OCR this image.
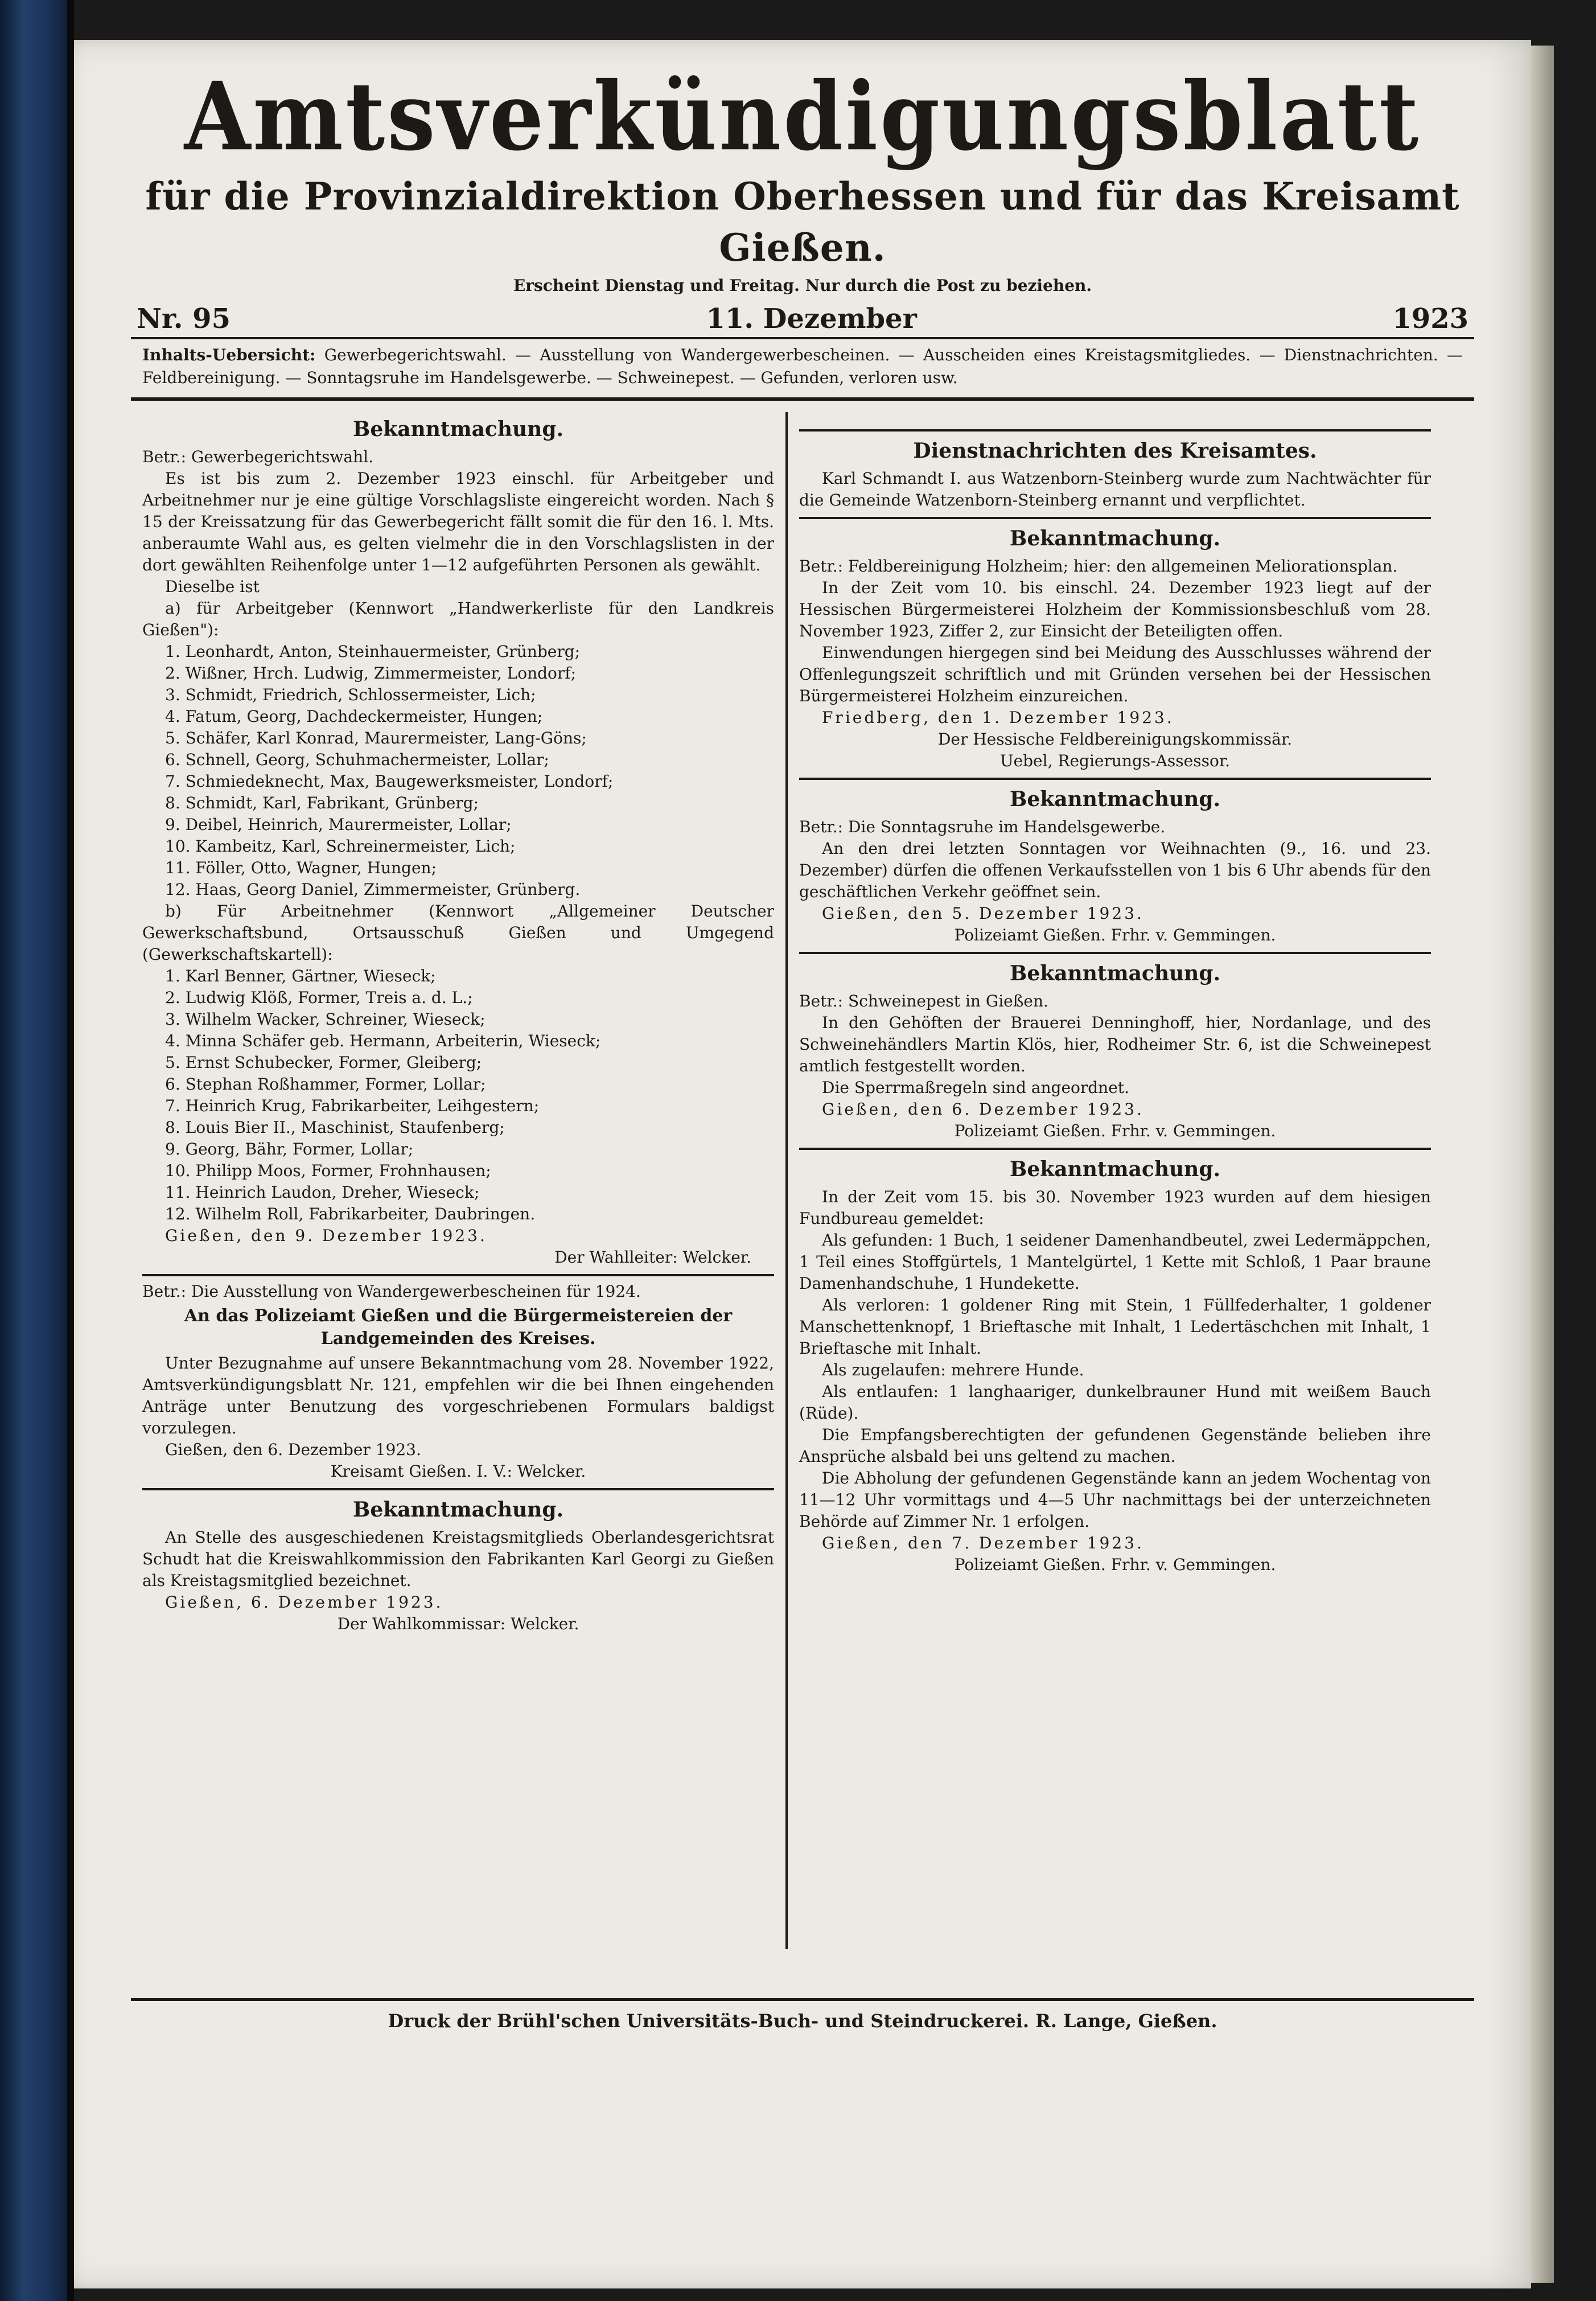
Amtsverkündigungsblatt
für die Provinzialdirektion Oberhessen und für das Kreisamt Gießen.

Erscheint Dienstag und Freitag. Nur durch die Post zu beziehen.

Nr. 95	11. Dezember	1923
Inhalts-Uebersicht: Gewerbegerichtswahl. — Ausstellung von Wandergewerbescheinen. — Ausscheiden eines Kreistagsmitgliedes. — Dienstnachrichten. — Feldbereinigung. — Sonntagsruhe im Handelsgewerbe. — Schweinepest. — Gefunden, verloren usw.
Bekanntmachung.

Betr.: Gewerbegerichtswahl.

Es ist bis zum 2. Dezember 1923 einschl. für Arbeitgeber und Arbeitnehmer nur je eine gültige Vorschlagsliste eingereicht worden. Nach § 15 der Kreissatzung für das Gewerbegericht fällt somit die für den 16. l. Mts. anberaumte Wahl aus, es gelten vielmehr die in den Vorschlagslisten in der dort gewählten Reihenfolge unter 1—12 aufgeführten Personen als gewählt.

Dieselbe ist

a) für Arbeitgeber (Kennwort „Handwerkerliste für den Landkreis Gießen"):

1. Leonhardt, Anton, Steinhauermeister, Grünberg;
2. Wißner, Hrch. Ludwig, Zimmermeister, Londorf;
3. Schmidt, Friedrich, Schlossermeister, Lich;
4. Fatum, Georg, Dachdeckermeister, Hungen;
5. Schäfer, Karl Konrad, Maurermeister, Lang-Göns;
6. Schnell, Georg, Schuhmachermeister, Lollar;
7. Schmiedeknecht, Max, Baugewerksmeister, Londorf;
8. Schmidt, Karl, Fabrikant, Grünberg;
9. Deibel, Heinrich, Maurermeister, Lollar;
10. Kambeitz, Karl, Schreinermeister, Lich;
11. Föller, Otto, Wagner, Hungen;
12. Haas, Georg Daniel, Zimmermeister, Grünberg.

b) Für Arbeitnehmer (Kennwort „Allgemeiner Deutscher Gewerkschaftsbund, Ortsausschuß Gießen und Umgegend (Gewerkschaftskartell):

1. Karl Benner, Gärtner, Wieseck;
2. Ludwig Klöß, Former, Treis a. d. L.;
3. Wilhelm Wacker, Schreiner, Wieseck;
4. Minna Schäfer geb. Hermann, Arbeiterin, Wieseck;
5. Ernst Schubecker, Former, Gleiberg;
6. Stephan Roßhammer, Former, Lollar;
7. Heinrich Krug, Fabrikarbeiter, Leihgestern;
8. Louis Bier II., Maschinist, Staufenberg;
9. Georg, Bähr, Former, Lollar;
10. Philipp Moos, Former, Frohnhausen;
11. Heinrich Laudon, Dreher, Wieseck;
12. Wilhelm Roll, Fabrikarbeiter, Daubringen.

Gießen, den 9. Dezember 1923.

Der Wahlleiter: Welcker.

Betr.: Die Ausstellung von Wandergewerbescheinen für 1924.

An das Polizeiamt Gießen und die Bürgermeistereien der Landgemeinden des Kreises.

Unter Bezugnahme auf unsere Bekanntmachung vom 28. November 1922, Amtsverkündigungsblatt Nr. 121, empfehlen wir die bei Ihnen eingehenden Anträge unter Benutzung des vorgeschriebenen Formulars baldigst vorzulegen.

Gießen, den 6. Dezember 1923.

Kreisamt Gießen. I. V.: Welcker.

Bekanntmachung.

An Stelle des ausgeschiedenen Kreistagsmitglieds Oberlandesgerichtsrat Schudt hat die Kreiswahlkommission den Fabrikanten Karl Georgi zu Gießen als Kreistagsmitglied bezeichnet.

Gießen, 6. Dezember 1923.

Der Wahlkommissar: Welcker.

Dienstnachrichten des Kreisamtes.

Karl Schmandt I. aus Watzenborn-Steinberg wurde zum Nachtwächter für die Gemeinde Watzenborn-Steinberg ernannt und verpflichtet.

Bekanntmachung.

Betr.: Feldbereinigung Holzheim; hier: den allgemeinen Meliorationsplan.

In der Zeit vom 10. bis einschl. 24. Dezember 1923 liegt auf der Hessischen Bürgermeisterei Holzheim der Kommissionsbeschluß vom 28. November 1923, Ziffer 2, zur Einsicht der Beteiligten offen.

Einwendungen hiergegen sind bei Meidung des Ausschlusses während der Offenlegungszeit schriftlich und mit Gründen versehen bei der Hessischen Bürgermeisterei Holzheim einzureichen.

Friedberg, den 1. Dezember 1923.

Der Hessische Feldbereinigungskommissär.

Uebel, Regierungs-Assessor.

Bekanntmachung.

Betr.: Die Sonntagsruhe im Handelsgewerbe.

An den drei letzten Sonntagen vor Weihnachten (9., 16. und 23. Dezember) dürfen die offenen Verkaufsstellen von 1 bis 6 Uhr abends für den geschäftlichen Verkehr geöffnet sein.

Gießen, den 5. Dezember 1923.

Polizeiamt Gießen. Frhr. v. Gemmingen.

Bekanntmachung.

Betr.: Schweinepest in Gießen.

In den Gehöften der Brauerei Denninghoff, hier, Nordanlage, und des Schweinehändlers Martin Klös, hier, Rodheimer Str. 6, ist die Schweinepest amtlich festgestellt worden.

Die Sperrmaßregeln sind angeordnet.

Gießen, den 6. Dezember 1923.

Polizeiamt Gießen. Frhr. v. Gemmingen.

Bekanntmachung.

In der Zeit vom 15. bis 30. November 1923 wurden auf dem hiesigen Fundbureau gemeldet:

Als gefunden: 1 Buch, 1 seidener Damenhandbeutel, zwei Ledermäppchen, 1 Teil eines Stoffgürtels, 1 Mantelgürtel, 1 Kette mit Schloß, 1 Paar braune Damenhandschuhe, 1 Hundekette.

Als verloren: 1 goldener Ring mit Stein, 1 Füllfederhalter, 1 goldener Manschettenknopf, 1 Brieftasche mit Inhalt, 1 Ledertäschchen mit Inhalt, 1 Brieftasche mit Inhalt.

Als zugelaufen: mehrere Hunde.

Als entlaufen: 1 langhaariger, dunkelbrauner Hund mit weißem Bauch (Rüde).

Die Empfangsberechtigten der gefundenen Gegenstände belieben ihre Ansprüche alsbald bei uns geltend zu machen.

Die Abholung der gefundenen Gegenstände kann an jedem Wochentag von 11—12 Uhr vormittags und 4—5 Uhr nachmittags bei der unterzeichneten Behörde auf Zimmer Nr. 1 erfolgen.

Gießen, den 7. Dezember 1923.

Polizeiamt Gießen. Frhr. v. Gemmingen.

Druck der Brühl'schen Universitäts-Buch- und Steindruckerei. R. Lange, Gießen.
